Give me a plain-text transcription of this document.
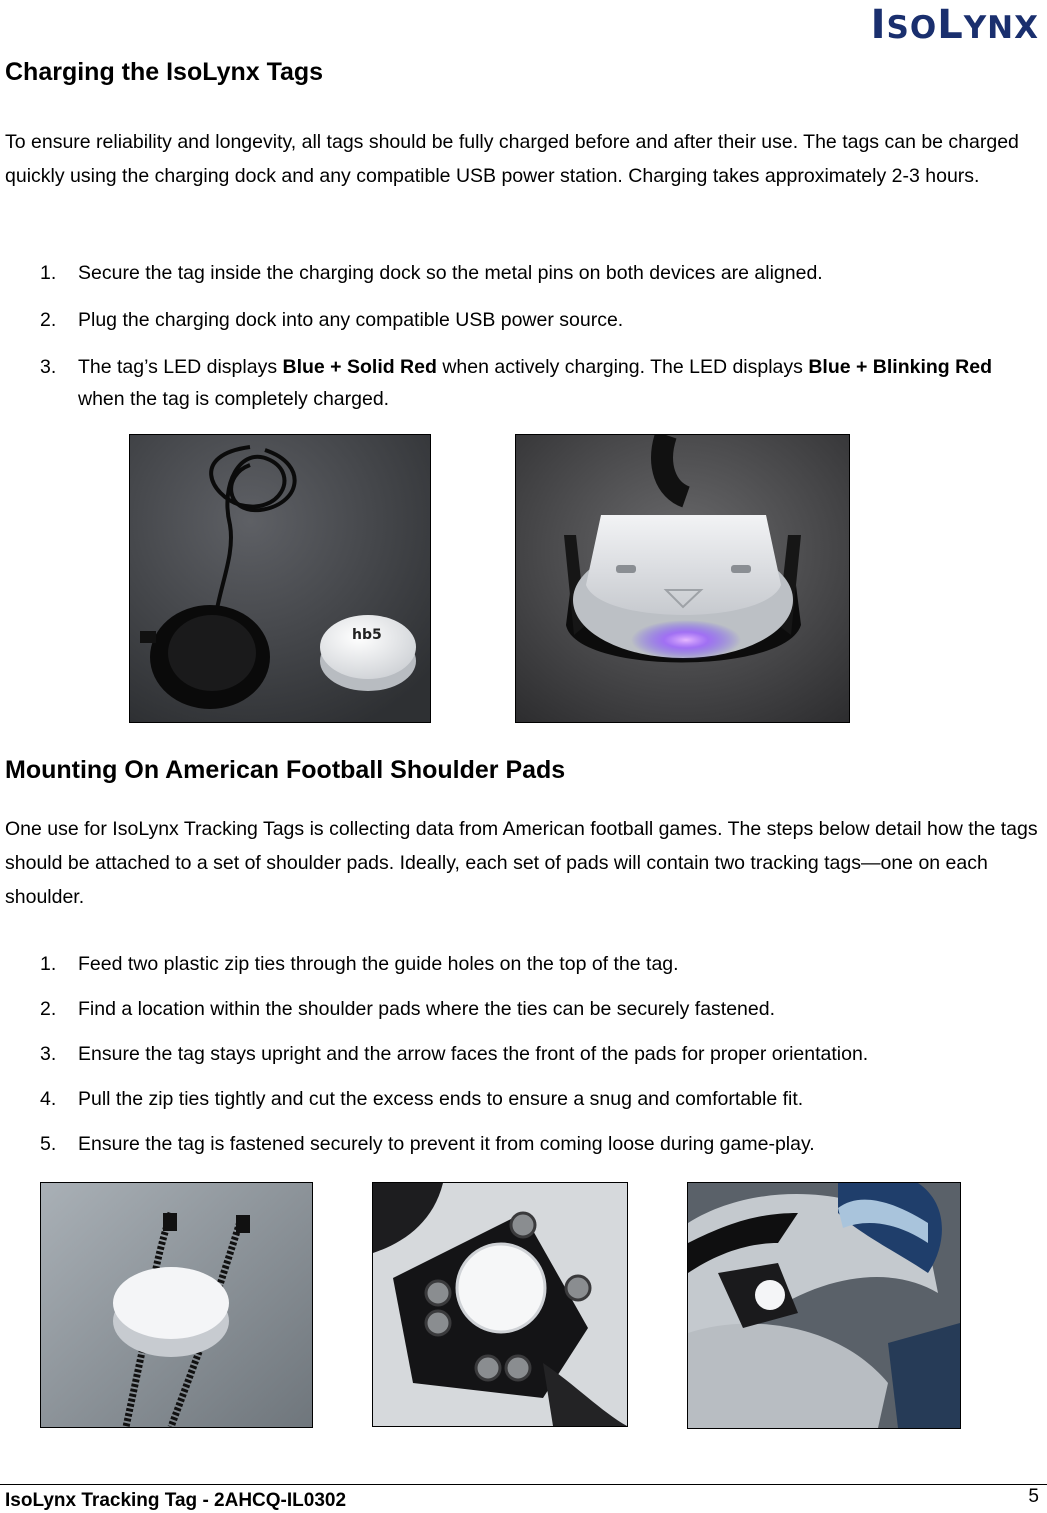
ISOLYNX
Charging the IsoLynx Tags

To ensure reliability and longevity, all tags should be fully charged before and after their use. The tags can be charged quickly using the charging dock and any compatible USB power station. Charging takes approximately 2-3 hours.

1. Secure the tag inside the charging dock so the metal pins on both devices are aligned.
2. Plug the charging dock into any compatible USB power source.
3. The tag’s LED displays Blue + Solid Red when actively charging. The LED displays Blue + Blinking Red when the tag is completely charged.
hb5
Mounting On American Football Shoulder Pads

One use for IsoLynx Tracking Tags is collecting data from American football games. The steps below detail how the tags should be attached to a set of shoulder pads. Ideally, each set of pads will contain two tracking tags—one on each shoulder.

1. Feed two plastic zip ties through the guide holes on the top of the tag.
2. Find a location within the shoulder pads where the ties can be securely fastened.
3. Ensure the tag stays upright and the arrow faces the front of the pads for proper orientation.
4. Pull the zip ties tightly and cut the excess ends to ensure a snug and comfortable fit.
5. Ensure the tag is fastened securely to prevent it from coming loose during game-play.
IsoLynx Tracking Tag - 2AHCQ-IL0302	5
